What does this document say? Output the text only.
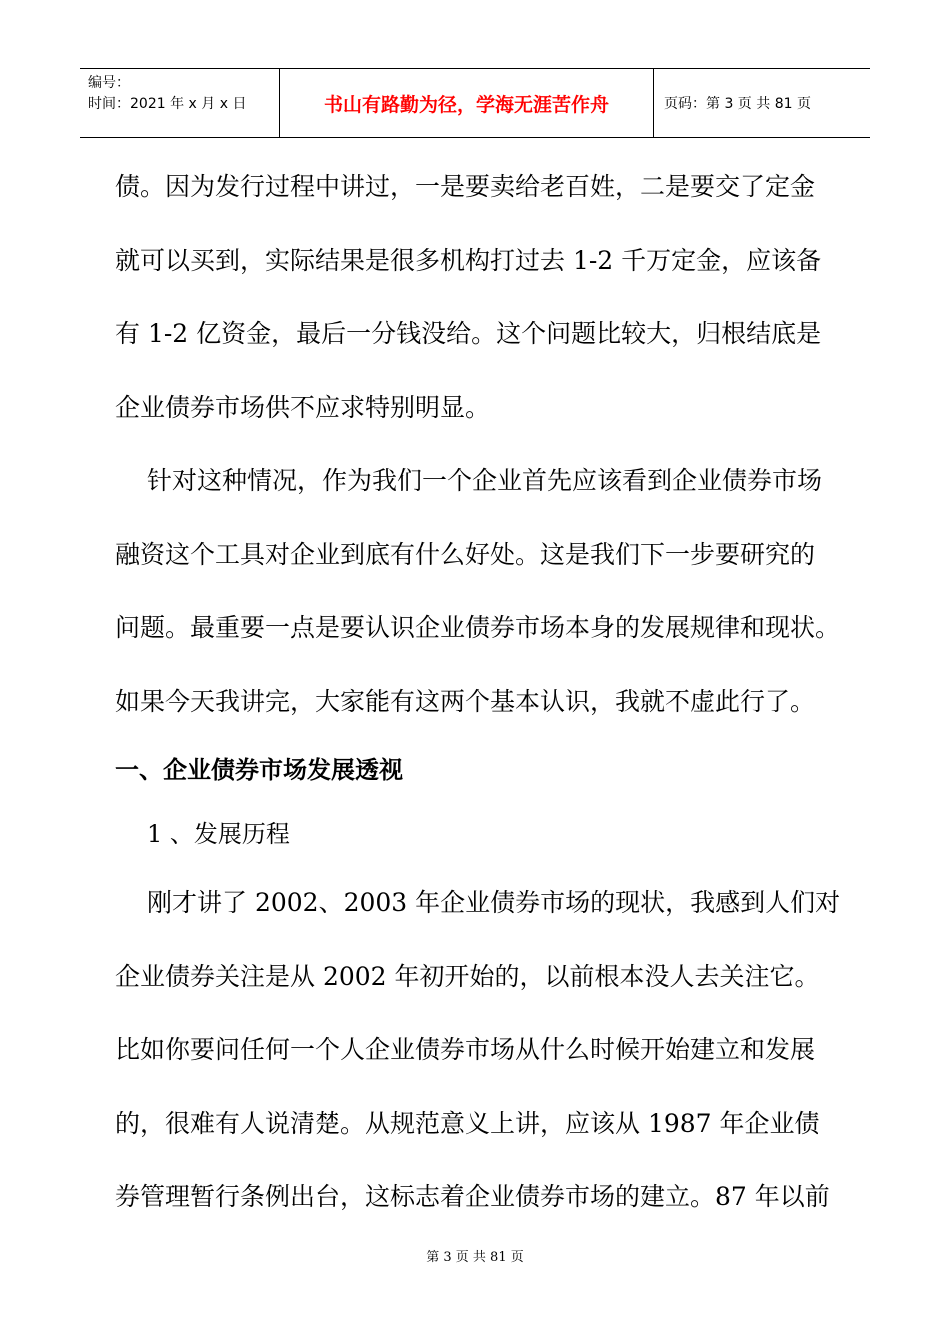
编号：
时间：2021 年 x 月 x 日	书山有路勤为径，学海无涯苦作舟	页码：第 3 页 共 81 页

债。因为发行过程中讲过，一是要卖给老百姓，二是要交了定金

就可以买到，实际结果是很多机构打过去 1-2 千万定金，应该备

有 1-2 亿资金，最后一分钱没给。这个问题比较大，归根结底是

企业债券市场供不应求特别明显。

针对这种情况，作为我们一个企业首先应该看到企业债券市场

融资这个工具对企业到底有什么好处。这是我们下一步要研究的

问题。最重要一点是要认识企业债券市场本身的发展规律和现状。

如果今天我讲完，大家能有这两个基本认识，我就不虚此行了。

一、企业债券市场发展透视

1 、发展历程

刚才讲了 2002、2003 年企业债券市场的现状，我感到人们对

企业债券关注是从 2002 年初开始的，以前根本没人去关注它。

比如你要问任何一个人企业债券市场从什么时候开始建立和发展

的，很难有人说清楚。从规范意义上讲，应该从 1987 年企业债

券管理暂行条例出台，这标志着企业债券市场的建立。87 年以前

第 3 页 共 81 页
